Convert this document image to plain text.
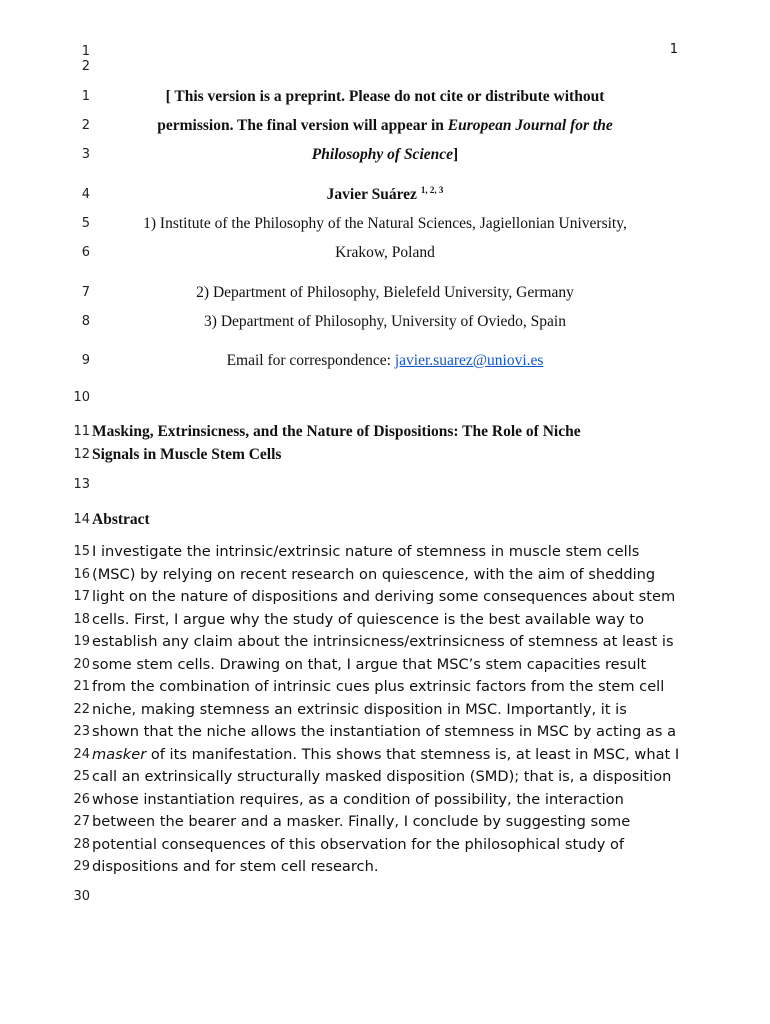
1
1
2
1	[ This version is a preprint. Please do not cite or distribute without
2	permission. The final version will appear in European Journal for the
3	Philosophy of Science]
4	Javier Suárez $^{1, 2, 3}$
5	1) Institute of the Philosophy of the Natural Sciences, Jagiellonian University,
6	Krakow, Poland
7	2) Department of Philosophy, Bielefeld University, Germany
8	3) Department of Philosophy, University of Oviedo, Spain
9	Email for correspondence: javier.suarez@uniovi.es
10
11 Masking, Extrinsicness, and the Nature of Dispositions: The Role of Niche
12 Signals in Muscle Stem Cells
13
14 Abstract
15 I investigate the intrinsic/extrinsic nature of stemness in muscle stem cells
16 (MSC) by relying on recent research on quiescence, with the aim of shedding
17 light on the nature of dispositions and deriving some consequences about stem
18 cells. First, I argue why the study of quiescence is the best available way to
19 establish any claim about the intrinsicness/extrinsicness of stemness at least is
20 some stem cells. Drawing on that, I argue that MSC’s stem capacities result
21 from the combination of intrinsic cues plus extrinsic factors from the stem cell
22 niche, making stemness an extrinsic disposition in MSC. Importantly, it is
23 shown that the niche allows the instantiation of stemness in MSC by acting as a
24 masker of its manifestation. This shows that stemness is, at least in MSC, what I
25 call an extrinsically structurally masked disposition (SMD); that is, a disposition
26 whose instantiation requires, as a condition of possibility, the interaction
27 between the bearer and a masker. Finally, I conclude by suggesting some
28 potential consequences of this observation for the philosophical study of
29 dispositions and for stem cell research.
30
